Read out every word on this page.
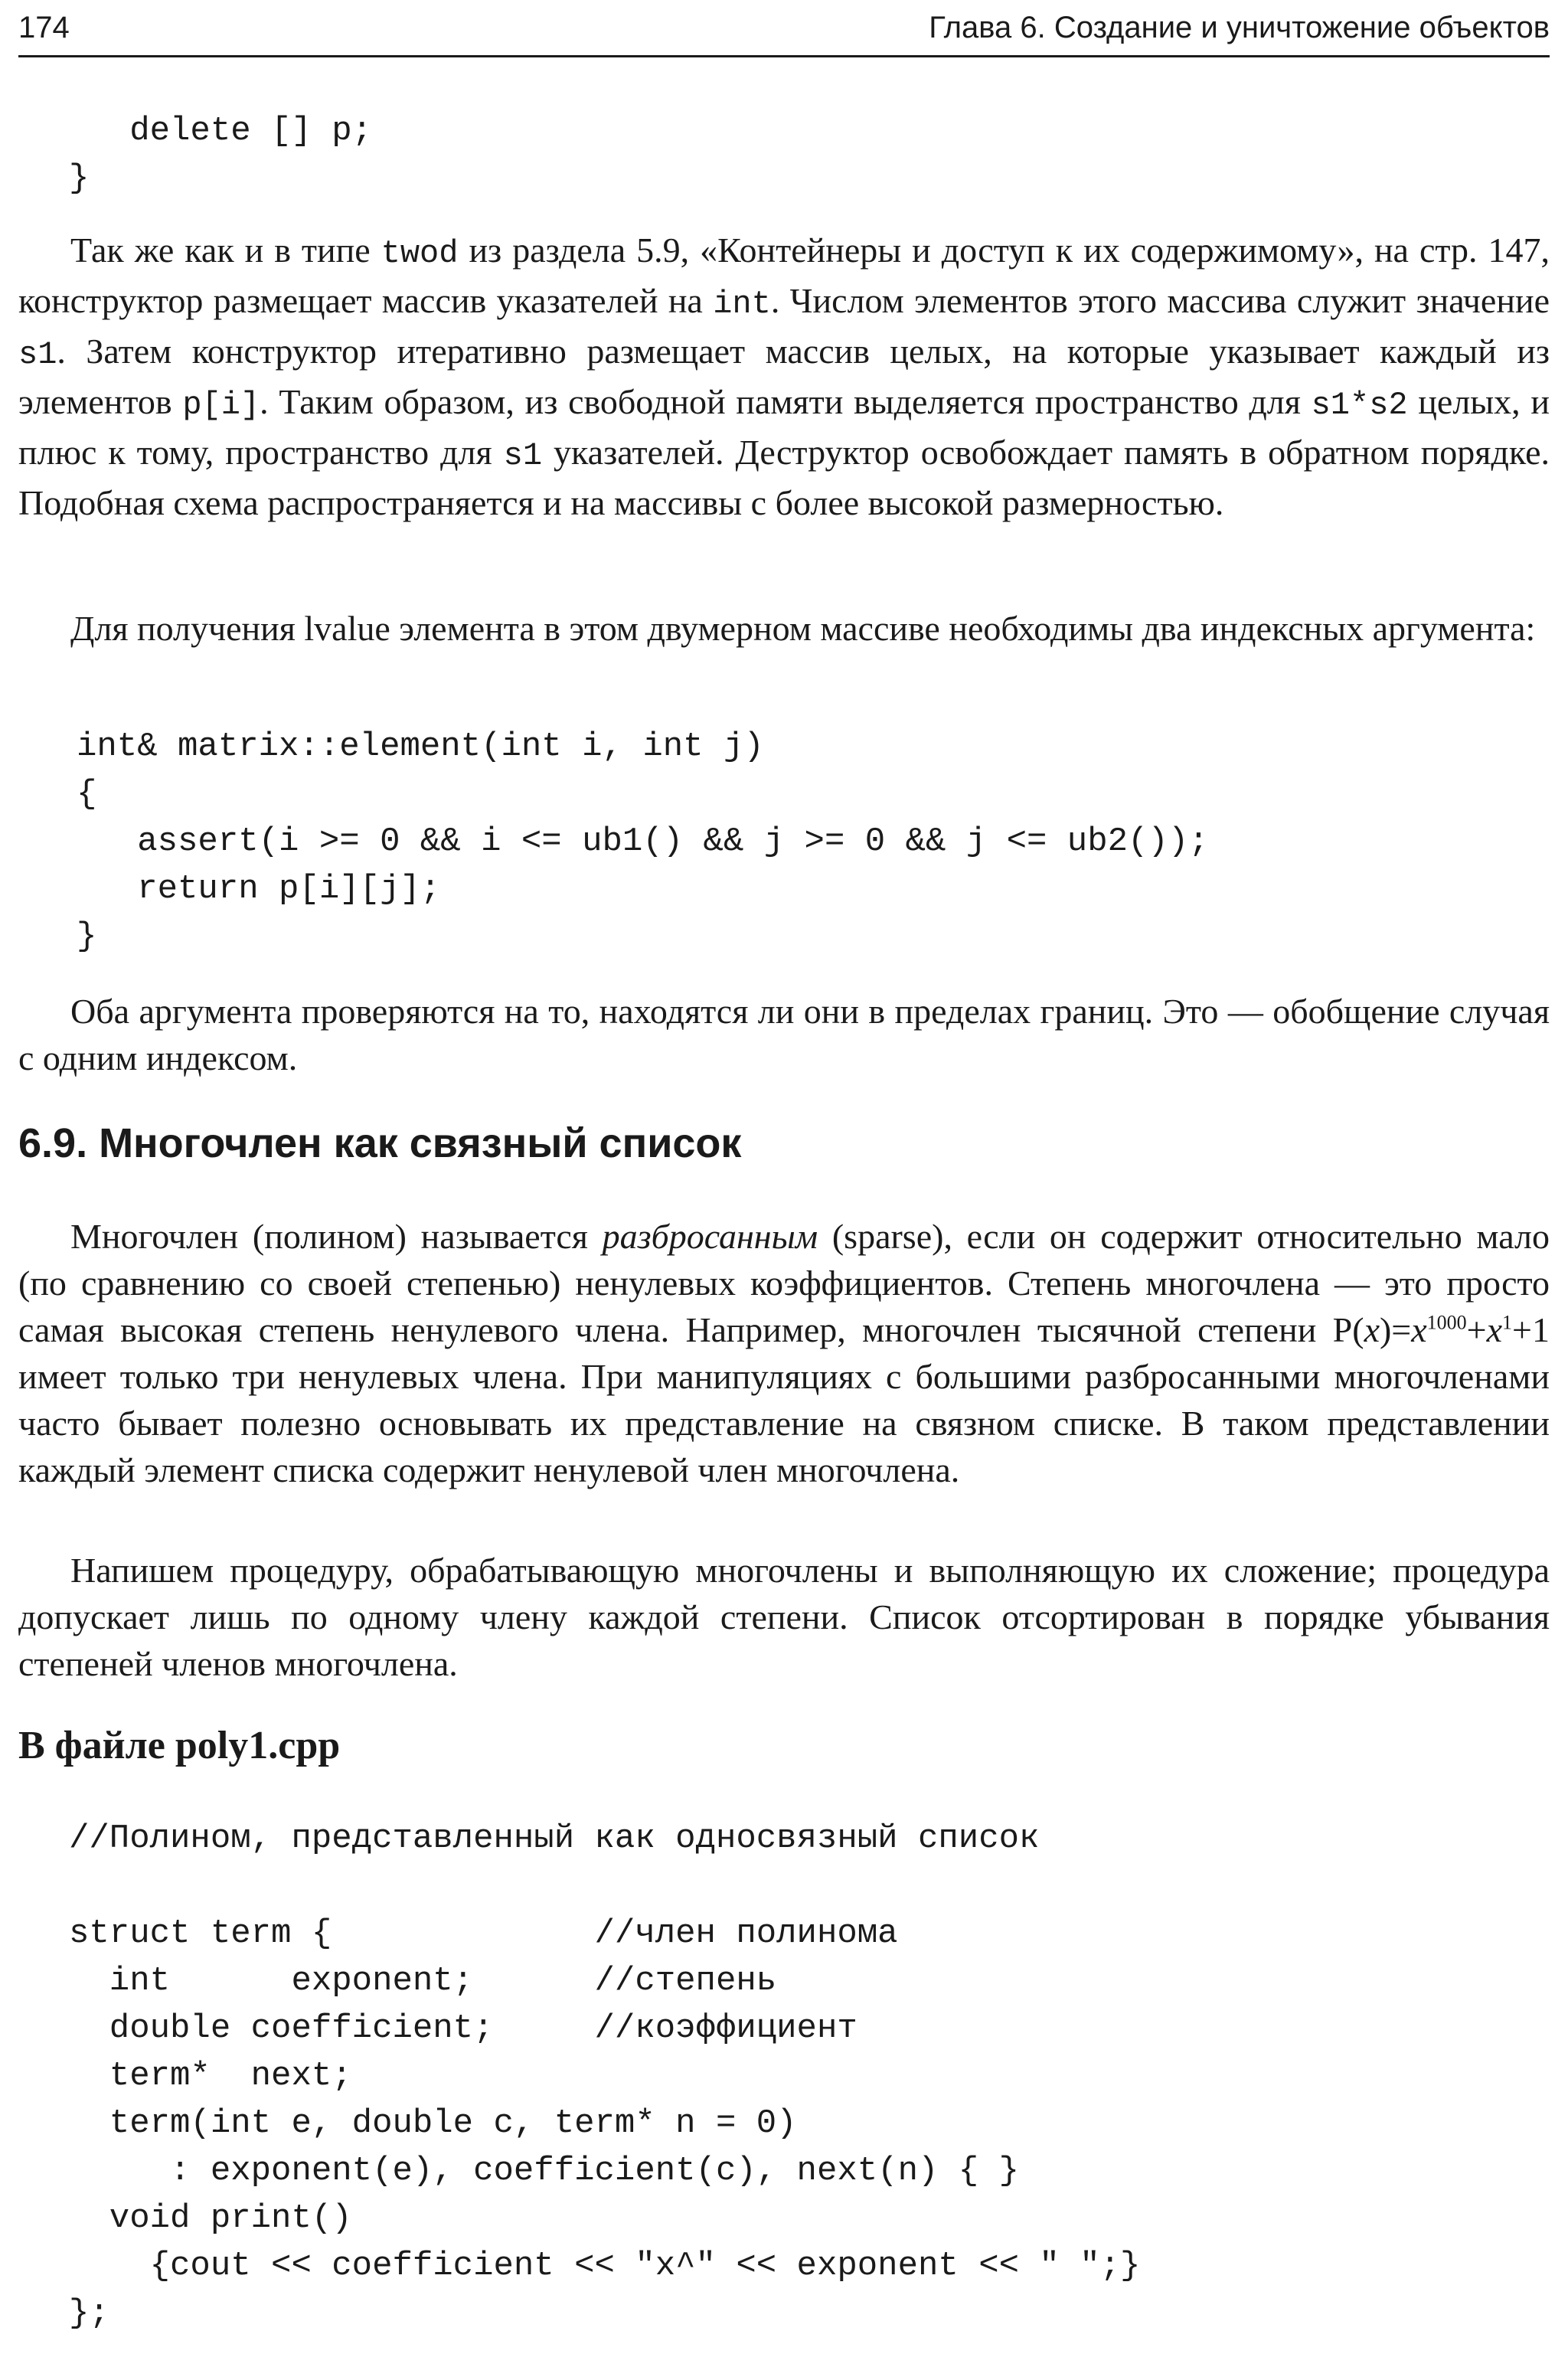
174	Глава 6. Создание и уничтожение объектов
delete [] p;
}

Так же как и в типе twod из раздела 5.9, «Контейнеры и доступ к их содержимому», на стр. 147, конструктор размещает массив указателей на int. Числом элементов этого массива служит значение s1. Затем конструктор итеративно размещает массив целых, на которые указывает каждый из элементов p[i]. Таким образом, из свободной памяти выделяется пространство для s1*s2 целых, и плюс к тому, пространство для s1 указателей. Деструктор освобождает память в обратном порядке. Подобная схема распространяется и на массивы с более высокой размерностью.

Для получения lvalue элемента в этом двумерном массиве необходимы два индексных аргумента:

int& matrix::element(int i, int j)
{
assert(i >= 0 && i <= ub1() && j >= 0 && j <= ub2());
return p[i][j];
}

Оба аргумента проверяются на то, находятся ли они в пределах границ. Это — обобщение случая с одним индексом.

6.9. Многочлен как связный список

Многочлен (полином) называется разбросанным (sparse), если он содержит относительно мало (по сравнению со своей степенью) ненулевых коэффициентов. Степень многочлена — это просто самая высокая степень ненулевого члена. Например, многочлен тысячной степени $P(x)=x^{1000}+x^1+1$ имеет только три ненулевых члена. При манипуляциях с большими разбросанными многочленами часто бывает полезно основывать их представление на связном списке. В таком представлении каждый элемент списка содержит ненулевой член многочлена.

Напишем процедуру, обрабатывающую многочлены и выполняющую их сложение; процедура допускает лишь по одному члену каждой степени. Список отсортирован в порядке убывания степеней членов многочлена.

В файле poly1.cpp
//Полином, представленный как односвязный список

struct term {             //член полинома
int      exponent;      //степень
double coefficient;     //коэффициент
term*  next;
term(int e, double c, term* n = 0)
: exponent(e), coefficient(c), next(n) { }
void print()
{cout << coefficient << "x^" << exponent << " ";}
};
